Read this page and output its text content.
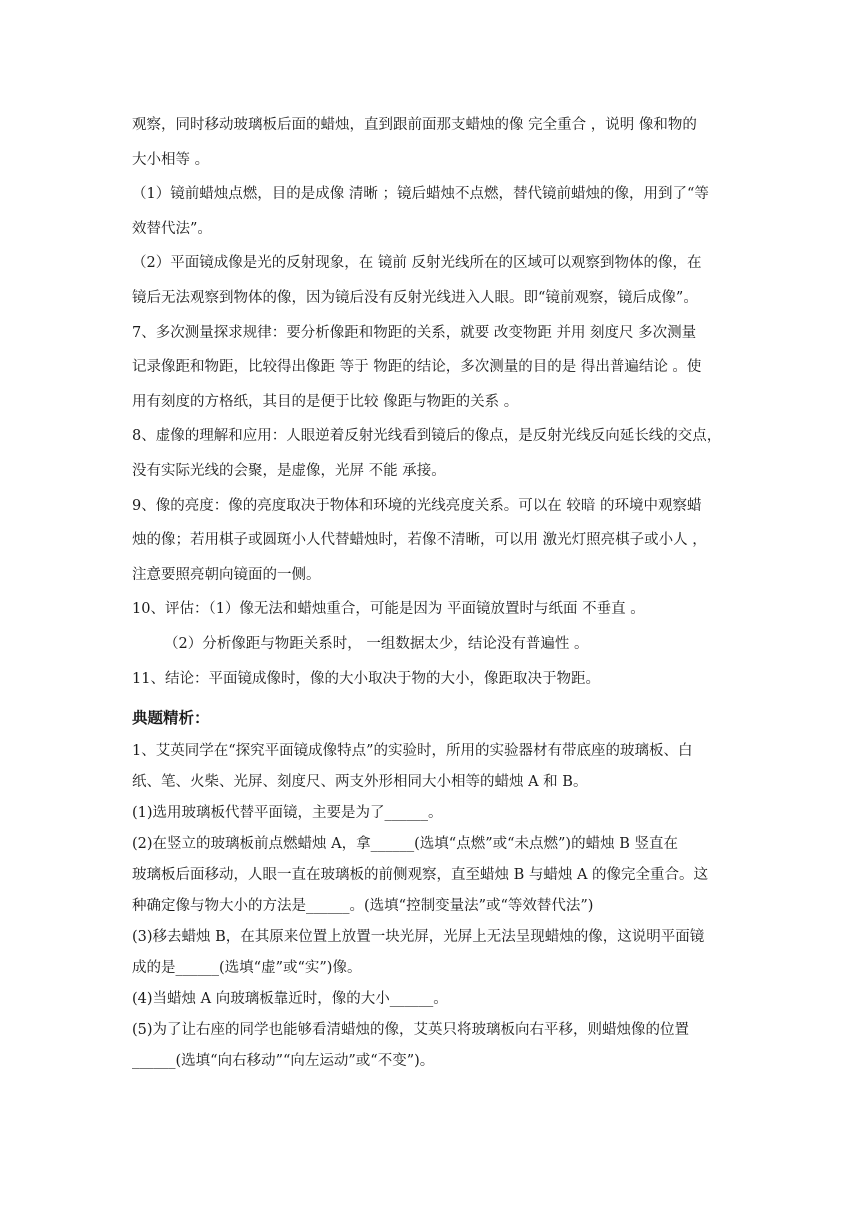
观察，同时移动玻璃板后面的蜡烛，直到跟前面那支蜡烛的像 完全重合 ，说明 像和物的
大小相等 。
（1）镜前蜡烛点燃，目的是成像 清晰 ；镜后蜡烛不点燃，替代镜前蜡烛的像，用到了“等
效替代法”。
（2）平面镜成像是光的反射现象，在 镜前 反射光线所在的区域可以观察到物体的像，在
镜后无法观察到物体的像，因为镜后没有反射光线进入人眼。即“镜前观察，镜后成像”。
7、多次测量探求规律：要分析像距和物距的关系，就要 改变物距 并用 刻度尺 多次测量
记录像距和物距，比较得出像距 等于 物距的结论，多次测量的目的是 得出普遍结论 。使
用有刻度的方格纸，其目的是便于比较 像距与物距的关系 。
8、虚像的理解和应用：人眼逆着反射光线看到镜后的像点，是反射光线反向延长线的交点，
没有实际光线的会聚，是虚像，光屏 不能 承接。
9、像的亮度：像的亮度取决于物体和环境的光线亮度关系。可以在 较暗 的环境中观察蜡
烛的像；若用棋子或圆斑小人代替蜡烛时，若像不清晰，可以用 激光灯照亮棋子或小人 ，
注意要照亮朝向镜面的一侧。
10、评估：（1）像无法和蜡烛重合，可能是因为 平面镜放置时与纸面 不垂直 。
（2）分析像距与物距关系时， 一组数据太少，结论没有普遍性 。
11、结论：平面镜成像时，像的大小取决于物的大小，像距取决于物距。
典题精析：
1、艾英同学在“探究平面镜成像特点”的实验时，所用的实验器材有带底座的玻璃板、白
纸、笔、火柴、光屏、刻度尺、两支外形相同大小相等的蜡烛 A 和 B。
(1)选用玻璃板代替平面镜，主要是为了______。
(2)在竖立的玻璃板前点燃蜡烛 A，拿______(选填“点燃”或“未点燃”)的蜡烛 B 竖直在
玻璃板后面移动，人眼一直在玻璃板的前侧观察，直至蜡烛 B 与蜡烛 A 的像完全重合。这
种确定像与物大小的方法是______。(选填“控制变量法”或“等效替代法”)
(3)移去蜡烛 B，在其原来位置上放置一块光屏，光屏上无法呈现蜡烛的像，这说明平面镜
成的是______(选填“虚”或“实”)像。
(4)当蜡烛 A 向玻璃板靠近时，像的大小______。
(5)为了让右座的同学也能够看清蜡烛的像，艾英只将玻璃板向右平移，则蜡烛像的位置
______(选填“向右移动”“向左运动”或“不变”)。
